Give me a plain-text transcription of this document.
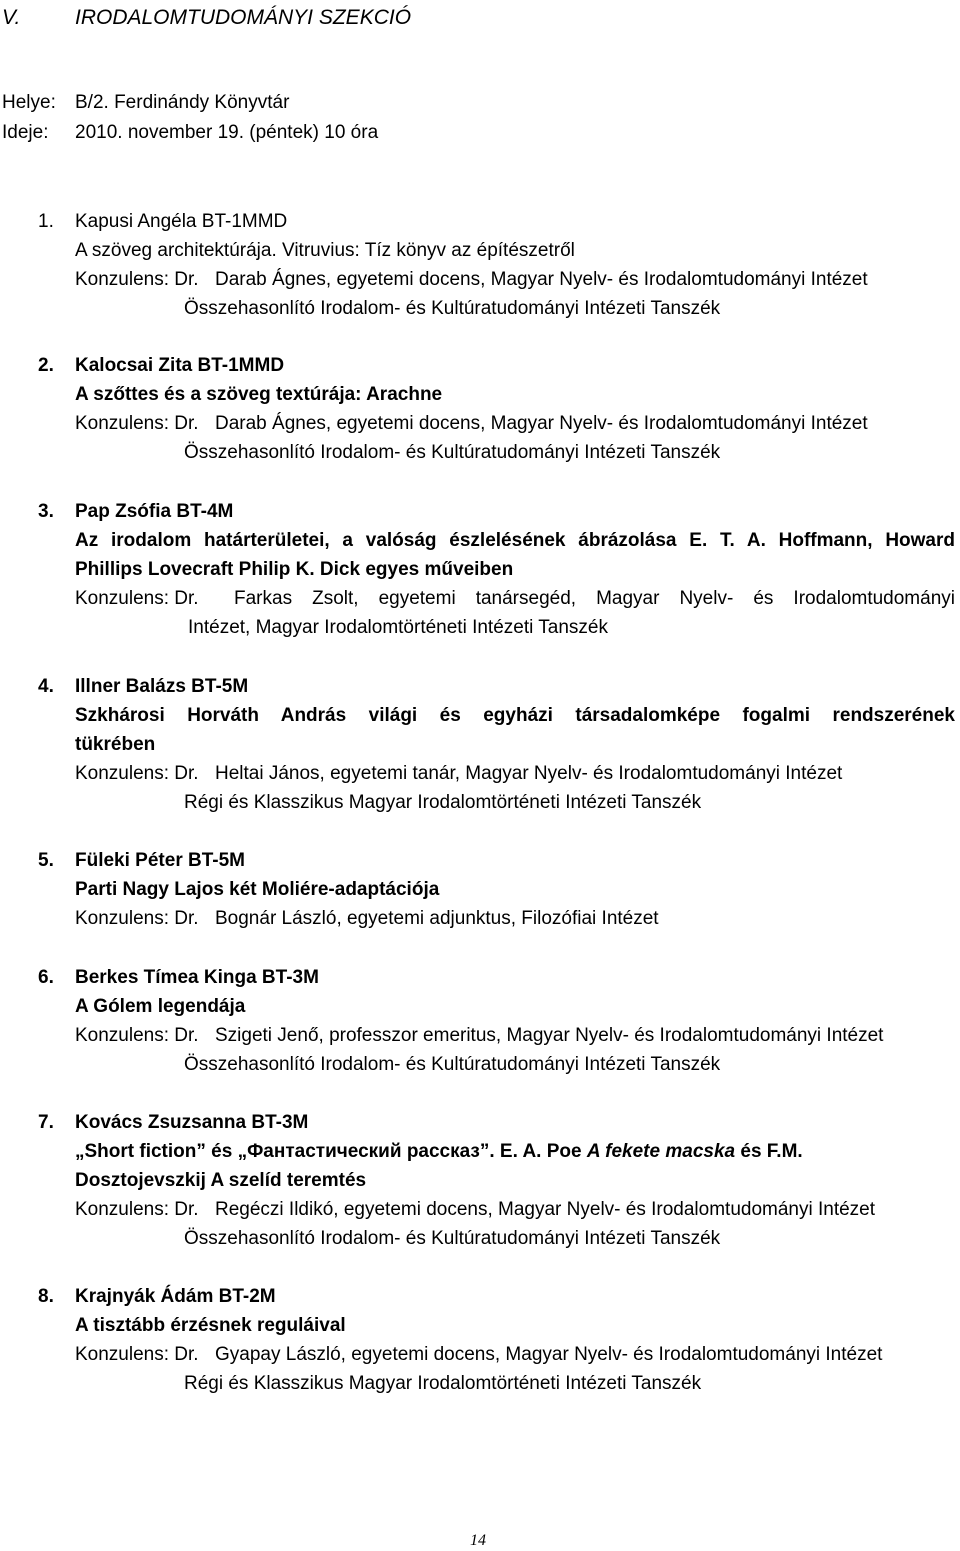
V.	IRODALOMTUDOMÁNYI SZEKCIÓ
Helye: B/2. Ferdinándy Könyvtár
Ideje: 2010. november 19. (péntek) 10 óra
1. Kapusi Angéla BT-1MMD
A szöveg architektúrája. Vitruvius: Tíz könyv az építészetről
Konzulens: Dr. Darab Ágnes, egyetemi docens, Magyar Nyelv- és Irodalomtudományi Intézet
Összehasonlító Irodalom- és Kultúratudományi Intézeti Tanszék
2. Kalocsai Zita BT-1MMD
A szőttes és a szöveg textúrája: Arachne
Konzulens: Dr. Darab Ágnes, egyetemi docens, Magyar Nyelv- és Irodalomtudományi Intézet
Összehasonlító Irodalom- és Kultúratudományi Intézeti Tanszék
3. Pap Zsófia BT-4M
Az irodalom határterületei, a valóság észlelésének ábrázolása E. T. A. Hoffmann, Howard
Phillips Lovecraft Philip K. Dick egyes műveiben
Konzulens: Dr. Farkas Zsolt, egyetemi tanársegéd, Magyar Nyelv- és Irodalomtudományi
Intézet, Magyar Irodalomtörténeti Intézeti Tanszék
4. Illner Balázs BT-5M
Szkhárosi Horváth András világi és egyházi társadalomképe fogalmi rendszerének
tükrében
Konzulens: Dr. Heltai János, egyetemi tanár, Magyar Nyelv- és Irodalomtudományi Intézet
Régi és Klasszikus Magyar Irodalomtörténeti Intézeti Tanszék
5. Füleki Péter BT-5M
Parti Nagy Lajos két Moliére-adaptációja
Konzulens: Dr. Bognár László, egyetemi adjunktus, Filozófiai Intézet
6. Berkes Tímea Kinga BT-3M
A Gólem legendája
Konzulens: Dr. Szigeti Jenő, professzor emeritus, Magyar Nyelv- és Irodalomtudományi Intézet
Összehasonlító Irodalom- és Kultúratudományi Intézeti Tanszék
7. Kovács Zsuzsanna BT-3M
„Short fiction” és „Фантастический рассказ”. E. A. Poe A fekete macska és F.M.
Dosztojevszkij A szelíd teremtés
Konzulens: Dr. Regéczi Ildikó, egyetemi docens, Magyar Nyelv- és Irodalomtudományi Intézet
Összehasonlító Irodalom- és Kultúratudományi Intézeti Tanszék
8. Krajnyák Ádám BT-2M
A tisztább érzésnek reguláival
Konzulens: Dr. Gyapay László, egyetemi docens, Magyar Nyelv- és Irodalomtudományi Intézet
Régi és Klasszikus Magyar Irodalomtörténeti Intézeti Tanszék
14
